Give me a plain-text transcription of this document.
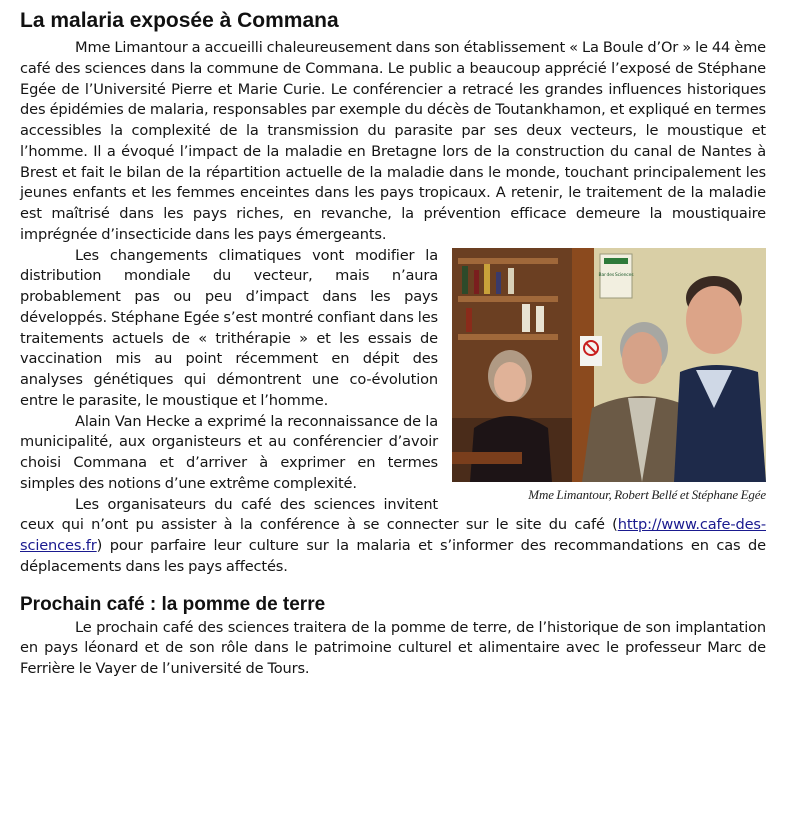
La malaria exposée à Commana

Mme Limantour a accueilli chaleureusement dans son établissement « La Boule d’Or » le 44 ème café des sciences dans la commune de Commana. Le public a beaucoup apprécié l’exposé de Stéphane Egée de l’Université Pierre et Marie Curie. Le conférencier a retracé les grandes influences historiques des épidémies de malaria, responsables par exemple du décès de Toutankhamon, et expliqué en termes accessibles la complexité de la transmission du parasite par ses deux vecteurs, le moustique et l’homme. Il a évoqué l’impact de la maladie en Bretagne lors de la construction du canal de Nantes à Brest et fait le bilan de la répartition actuelle de la maladie dans le monde, touchant principalement les jeunes enfants et les femmes enceintes dans les pays tropicaux. A retenir, le traitement de la maladie est maîtrisé dans les pays riches, en revanche, la prévention efficace demeure la moustiquaire imprégnée d’insecticide dans les pays émergeants.

Bar des Sciences
Mme Limantour, Robert Bellé et Stéphane Egée

Les changements climatiques vont modifier la distribution mondiale du vecteur, mais n’aura probablement pas ou peu d’impact dans les pays développés. Stéphane Egée s’est montré confiant dans les traitements actuels de « trithérapie » et les essais de vaccination mis au point récemment en dépit des analyses génétiques qui démontrent une co-évolution entre le parasite, le moustique et l’homme.

Alain Van Hecke a exprimé la reconnaissance de la municipalité, aux organisteurs et au conférencier d’avoir choisi Commana et d’arriver à exprimer en termes simples des notions d’une extrême complexité.

Les organisateurs du café des sciences invitent ceux qui n’ont pu assister à la conférence à se connecter sur le site du café (http://www.cafe-des-sciences.fr) pour parfaire leur culture sur la malaria et s’informer des recommandations en cas de déplacements dans les pays affectés.

Prochain café : la pomme de terre

Le prochain café des sciences traitera de la pomme de terre, de l’historique de son implantation en pays léonard et de son rôle dans le patrimoine culturel et alimentaire avec le professeur Marc de Ferrière le Vayer de l’université de Tours.
